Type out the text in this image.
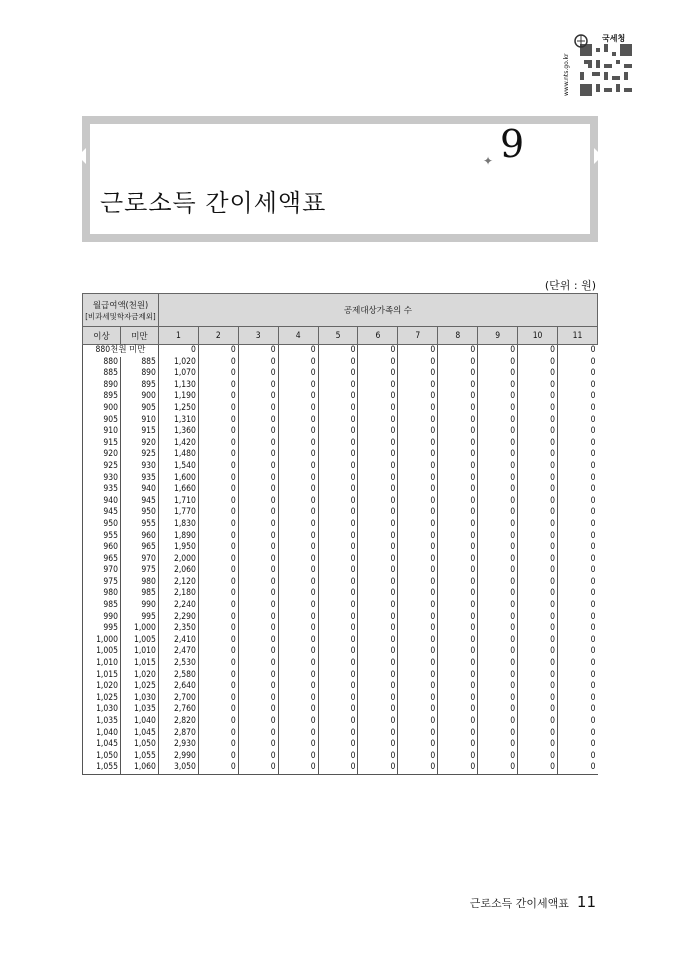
국세청
www.nts.go.kr
✦ 9
근로소득 간이세액표
(단위 : 원)
월급여액(천원)
[비과세및학자금제외]		공제대상가족의 수										
이상	미만	1	2	3	4	5	6	7	8	9	10	11
880천원 미만		0	0	0	0	0	0	0	0	0	0	0
880	885	1,020	0	0	0	0	0	0	0	0	0	0
885	890	1,070	0	0	0	0	0	0	0	0	0	0
890	895	1,130	0	0	0	0	0	0	0	0	0	0
895	900	1,190	0	0	0	0	0	0	0	0	0	0
900	905	1,250	0	0	0	0	0	0	0	0	0	0
905	910	1,310	0	0	0	0	0	0	0	0	0	0
910	915	1,360	0	0	0	0	0	0	0	0	0	0
915	920	1,420	0	0	0	0	0	0	0	0	0	0
920	925	1,480	0	0	0	0	0	0	0	0	0	0
925	930	1,540	0	0	0	0	0	0	0	0	0	0
930	935	1,600	0	0	0	0	0	0	0	0	0	0
935	940	1,660	0	0	0	0	0	0	0	0	0	0
940	945	1,710	0	0	0	0	0	0	0	0	0	0
945	950	1,770	0	0	0	0	0	0	0	0	0	0
950	955	1,830	0	0	0	0	0	0	0	0	0	0
955	960	1,890	0	0	0	0	0	0	0	0	0	0
960	965	1,950	0	0	0	0	0	0	0	0	0	0
965	970	2,000	0	0	0	0	0	0	0	0	0	0
970	975	2,060	0	0	0	0	0	0	0	0	0	0
975	980	2,120	0	0	0	0	0	0	0	0	0	0
980	985	2,180	0	0	0	0	0	0	0	0	0	0
985	990	2,240	0	0	0	0	0	0	0	0	0	0
990	995	2,290	0	0	0	0	0	0	0	0	0	0
995	1,000	2,350	0	0	0	0	0	0	0	0	0	0
1,000	1,005	2,410	0	0	0	0	0	0	0	0	0	0
1,005	1,010	2,470	0	0	0	0	0	0	0	0	0	0
1,010	1,015	2,530	0	0	0	0	0	0	0	0	0	0
1,015	1,020	2,580	0	0	0	0	0	0	0	0	0	0
1,020	1,025	2,640	0	0	0	0	0	0	0	0	0	0
1,025	1,030	2,700	0	0	0	0	0	0	0	0	0	0
1,030	1,035	2,760	0	0	0	0	0	0	0	0	0	0
1,035	1,040	2,820	0	0	0	0	0	0	0	0	0	0
1,040	1,045	2,870	0	0	0	0	0	0	0	0	0	0
1,045	1,050	2,930	0	0	0	0	0	0	0	0	0	0
1,050	1,055	2,990	0	0	0	0	0	0	0	0	0	0
1,055	1,060	3,050	0	0	0	0	0	0	0	0	0	0
근로소득 간이세액표 11
